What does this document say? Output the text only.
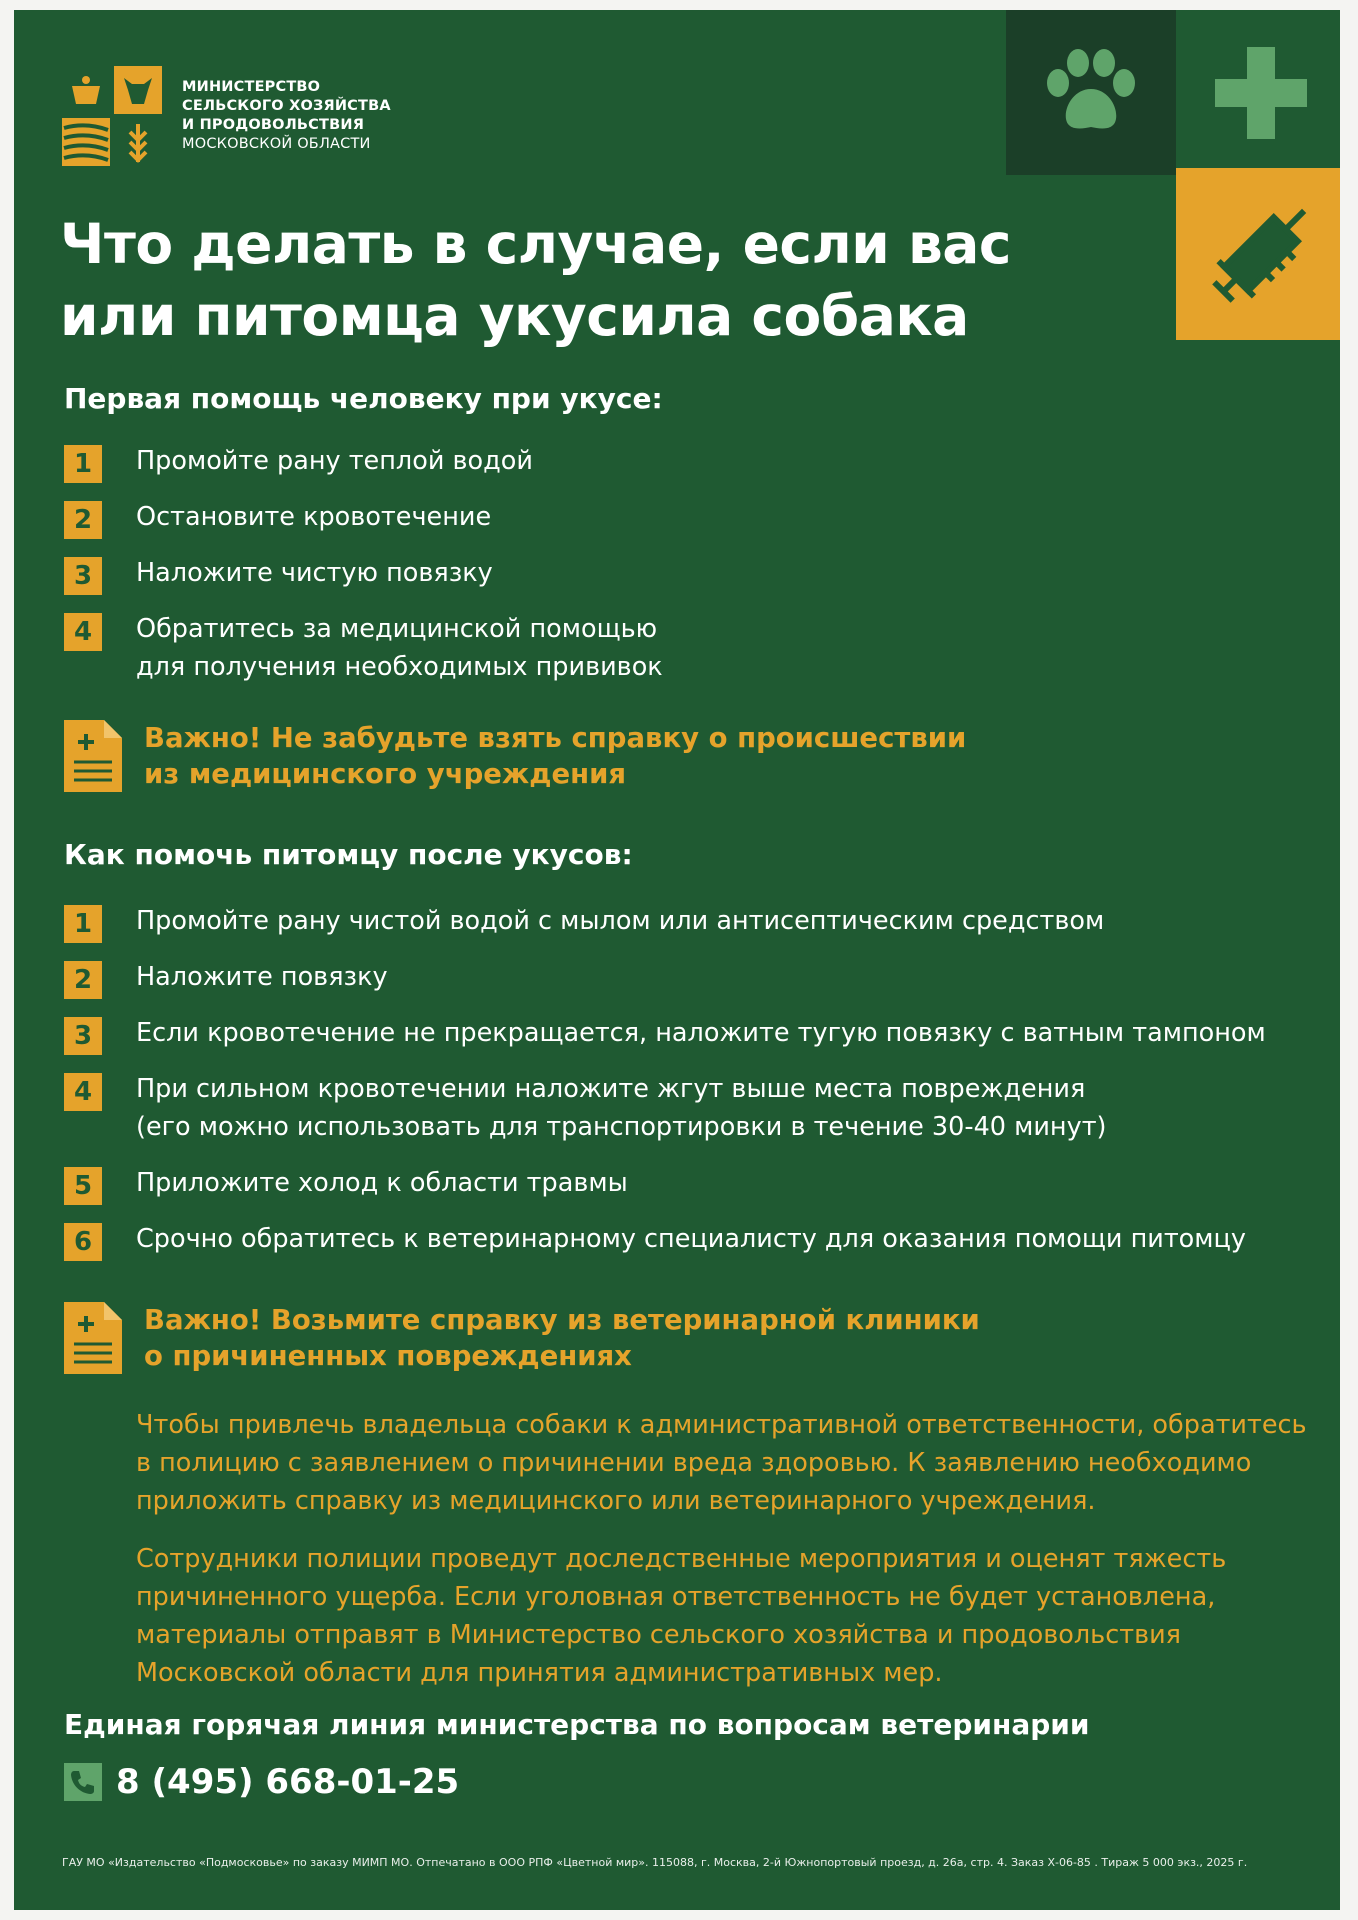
МИНИСТЕРСТВО
СЕЛЬСКОГО ХОЗЯЙСТВА
И ПРОДОВОЛЬСТВИЯ
МОСКОВСКОЙ ОБЛАСТИ
Что делать в случае, если вас
или питомца укусила собака
Первая помощь человеку при укусе:
1	Промойте рану теплой водой
2	Остановите кровотечение
3	Наложите чистую повязку
4	Обратитесь за медицинской помощью
для получения необходимых прививок
Важно! Не забудьте взять справку о происшествии
из медицинского учреждения
Как помочь питомцу после укусов:
1	Промойте рану чистой водой с мылом или антисептическим средством
2	Наложите повязку
3	Если кровотечение не прекращается, наложите тугую повязку с ватным тампоном
4	При сильном кровотечении наложите жгут выше места повреждения
(его можно использовать для транспортировки в течение 30-40 минут)
5	Приложите холод к области травмы
6	Срочно обратитесь к ветеринарному специалисту для оказания помощи питомцу
Важно! Возьмите справку из ветеринарной клиники
о причиненных повреждениях
Чтобы привлечь владельца собаки к административной ответственности, обратитесь в полицию с заявлением о причинении вреда здоровью. К заявлению необходимо приложить справку из медицинского или ветеринарного учреждения.
Сотрудники полиции проведут доследственные мероприятия и оценят тяжесть причиненного ущерба. Если уголовная ответственность не будет установлена, материалы отправят в Министерство сельского хозяйства и продовольствия Московской области для принятия административных мер.
Единая горячая линия министерства по вопросам ветеринарии
8 (495) 668-01-25
ГАУ МО «Издательство «Подмосковье» по заказу МИМП МО. Отпечатано в ООО РПФ «Цветной мир». 115088, г. Москва, 2-й Южнопортовый проезд, д. 26а, стр. 4. Заказ Х-06-85 . Тираж 5 000 экз., 2025 г.
